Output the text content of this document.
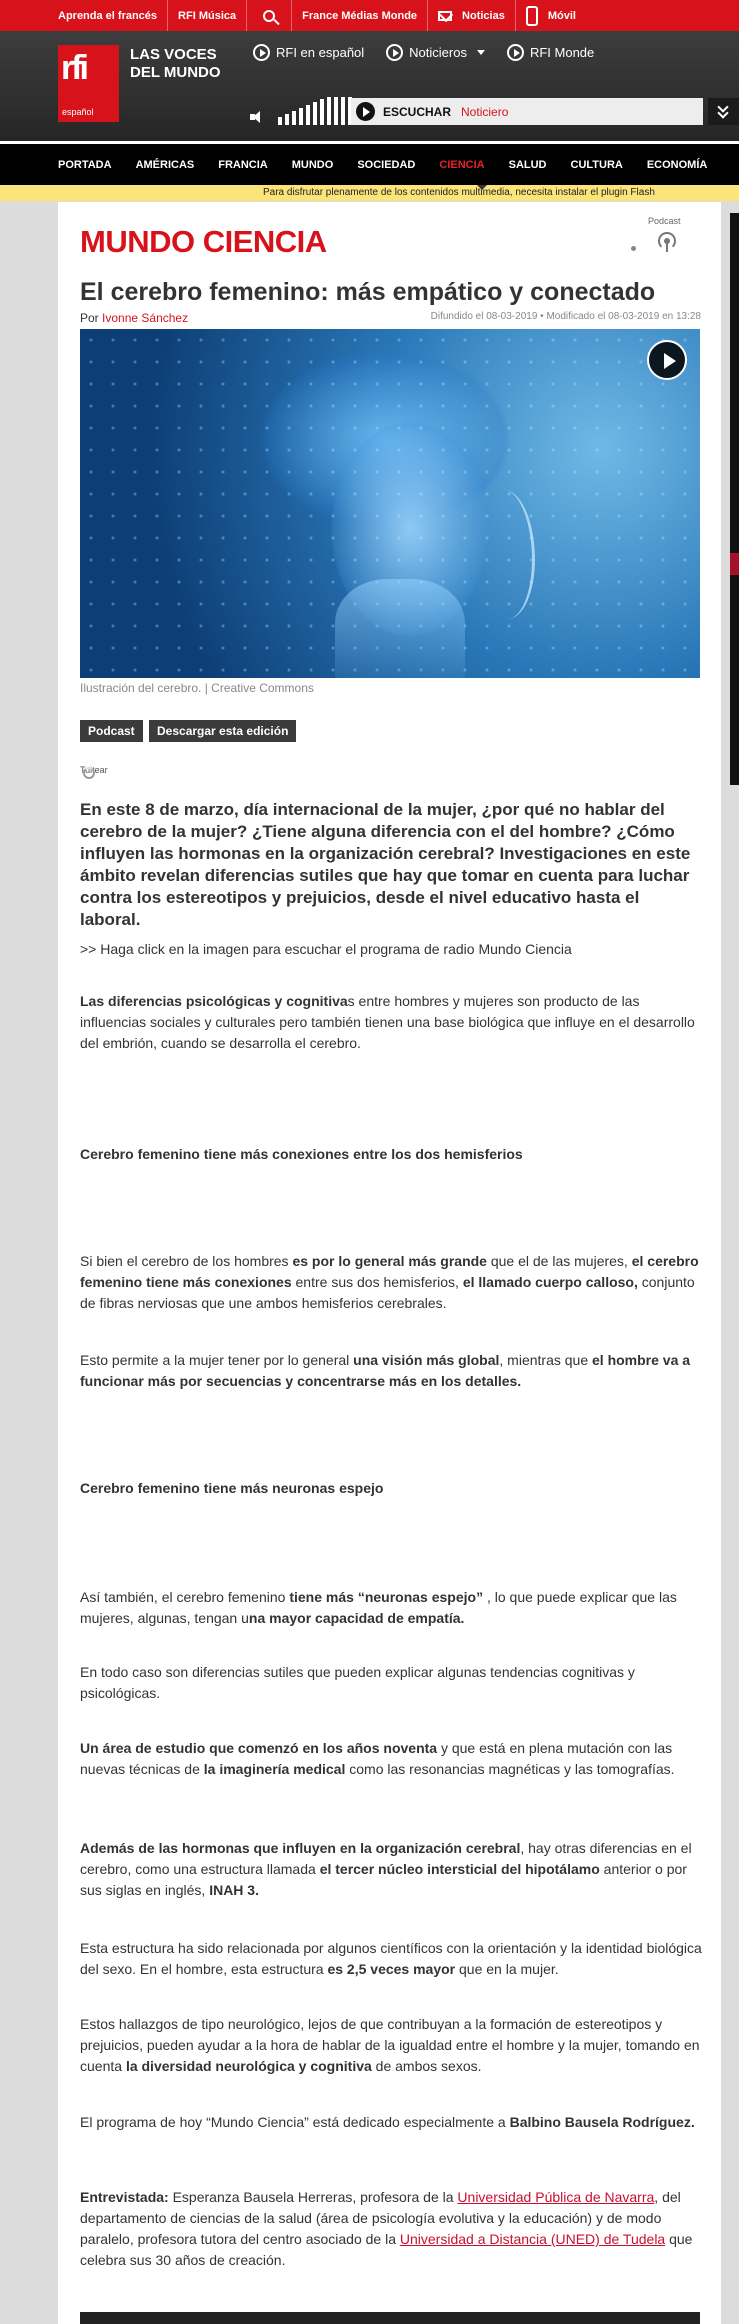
Aprenda el francés RFI Música	France Médias Monde	Noticias	Móvil
rfi
español
LAS VOCES
DEL MUNDO
RFI en español	Noticieros	RFI Monde
ESCUCHAR Noticiero
PORTADA AMÉRICAS FRANCIA MUNDO SOCIEDAD CIENCIA SALUD CULTURA ECONOMÍA
Para disfrutar plenamente de los contenidos multimedia, necesita instalar el plugin Flash
MUNDO CIENCIA
Podcast
El cerebro femenino: más empático y conectado
Por Ivonne Sánchez	Difundido el 08-03-2019 • Modificado el 08-03-2019 en 13:28
Ilustración del cerebro. | Creative Commons
Podcast	Descargar esta edición
Tuitear
En este 8 de marzo, día internacional de la mujer, ¿por qué no hablar del cerebro de la mujer? ¿Tiene alguna diferencia con el del hombre? ¿Cómo influyen las hormonas en la organización cerebral? Investigaciones en este ámbito revelan diferencias sutiles que hay que tomar en cuenta para luchar contra los estereotipos y prejuicios, desde el nivel educativo hasta el laboral.
>> Haga click en la imagen para escuchar el programa de radio Mundo Ciencia
Las diferencias psicológicas y cognitivas entre hombres y mujeres son producto de las influencias sociales y culturales pero también tienen una base biológica que influye en el desarrollo del embrión, cuando se desarrolla el cerebro.
Cerebro femenino tiene más conexiones entre los dos hemisferios
Si bien el cerebro de los hombres es por lo general más grande que el de las mujeres, el cerebro femenino tiene más conexiones entre sus dos hemisferios, el llamado cuerpo calloso, conjunto de fibras nerviosas que une ambos hemisferios cerebrales.
Esto permite a la mujer tener por lo general una visión más global, mientras que el hombre va a funcionar más por secuencias y concentrarse más en los detalles.
Cerebro femenino tiene más neuronas espejo
Así también, el cerebro femenino tiene más “neuronas espejo” , lo que puede explicar que las mujeres, algunas, tengan una mayor capacidad de empatía.
En todo caso son diferencias sutiles que pueden explicar algunas tendencias cognitivas y psicológicas.
Un área de estudio que comenzó en los años noventa y que está en plena mutación con las nuevas técnicas de la imaginería medical como las resonancias magnéticas y las tomografías.
Además de las hormonas que influyen en la organización cerebral, hay otras diferencias en el cerebro, como una estructura llamada el tercer núcleo intersticial del hipotálamo anterior o por sus siglas en inglés, INAH 3.
Esta estructura ha sido relacionada por algunos científicos con la orientación y la identidad biológica del sexo. En el hombre, esta estructura es 2,5 veces mayor que en la mujer.
Estos hallazgos de tipo neurológico, lejos de que contribuyan a la formación de estereotipos y prejuicios, pueden ayudar a la hora de hablar de la igualdad entre el hombre y la mujer, tomando en cuenta la diversidad neurológica y cognitiva de ambos sexos.
El programa de hoy “Mundo Ciencia” está dedicado especialmente a Balbino Bausela Rodríguez.
Entrevistada: Esperanza Bausela Herreras, profesora de la Universidad Pública de Navarra, del departamento de ciencias de la salud (área de psicología evolutiva y la educación) y de modo paralelo, profesora tutora del centro asociado de la Universidad a Distancia (UNED) de Tudela que celebra sus 30 años de creación.
